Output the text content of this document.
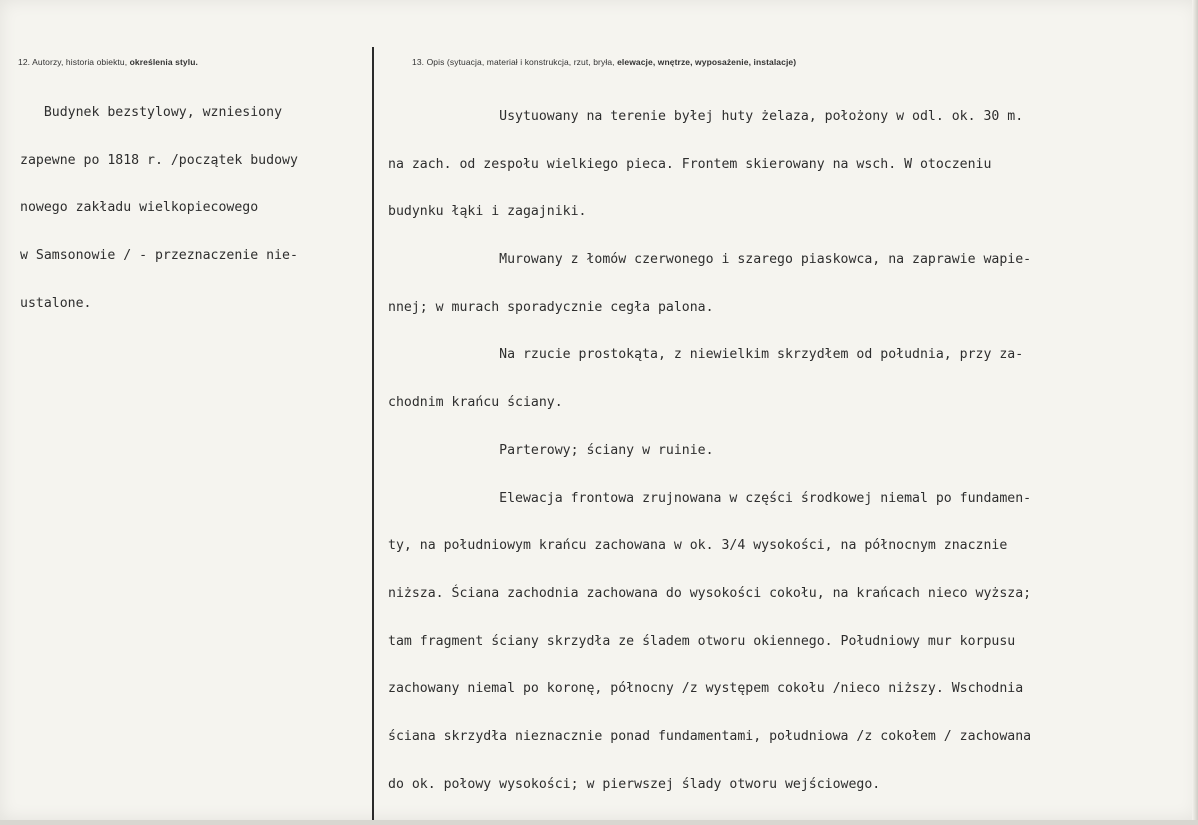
12. Autorzy, historia obiektu, określenia stylu.	13. Opis (sytuacja, materiał i konstrukcja, rzut, bryła, elewacje, wnętrze, wyposażenie, instalacje)

Budynek bezstylowy, wzniesiony

zapewne po 1818 r. /początek budowy

nowego zakładu wielkopiecowego

w Samsonowie / - przeznaczenie nie-

ustalone.

Usytuowany na terenie byłej huty żelaza, położony w odl. ok. 30 m.

na zach. od zespołu wielkiego pieca. Frontem skierowany na wsch. W otoczeniu

budynku łąki i zagajniki.

Murowany z łomów czerwonego i szarego piaskowca, na zaprawie wapie-

nnej; w murach sporadycznie cegła palona.

Na rzucie prostokąta, z niewielkim skrzydłem od południa, przy za-

chodnim krańcu ściany.

Parterowy; ściany w ruinie.

Elewacja frontowa zrujnowana w części środkowej niemal po fundamen-

ty, na południowym krańcu zachowana w ok. 3/4 wysokości, na północnym znacznie

niższa. Ściana zachodnia zachowana do wysokości cokołu, na krańcach nieco wyższa;

tam fragment ściany skrzydła ze śladem otworu okiennego. Południowy mur korpusu

zachowany niemal po koronę, północny /z występem cokołu /nieco niższy. Wschodnia

ściana skrzydła nieznacznie ponad fundamentami, południowa /z cokołem / zachowana

do ok. połowy wysokości; w pierwszej ślady otworu wejściowego.
